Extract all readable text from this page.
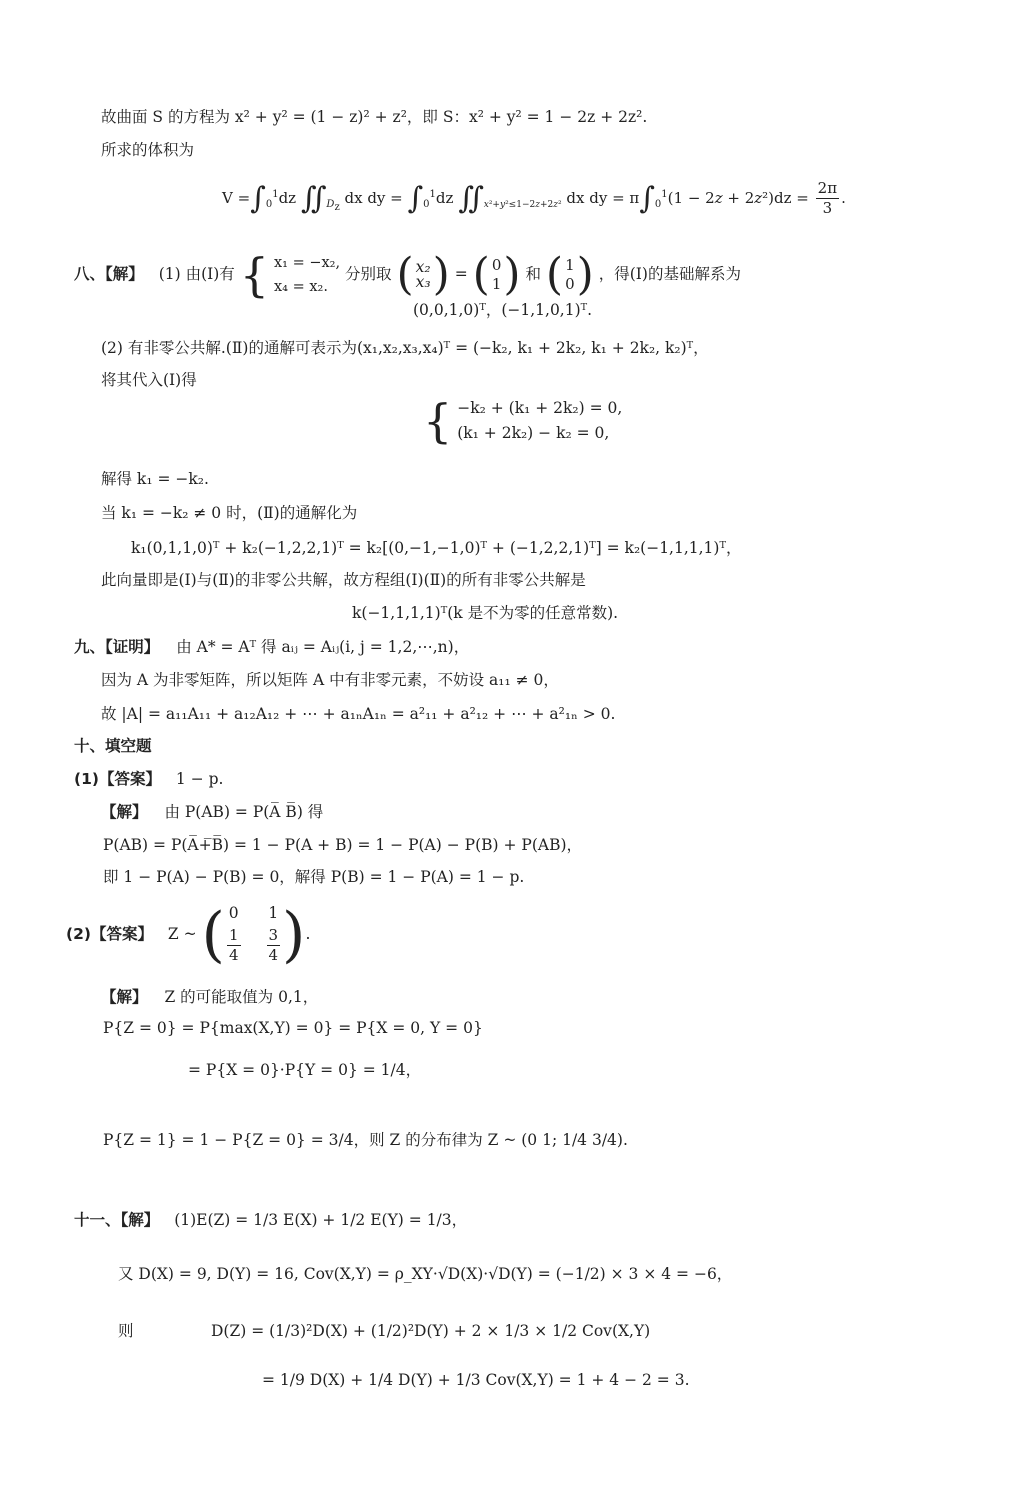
故曲面 S 的方程为 x² + y² = (1 − z)² + z²，即 S：x² + y² = 1 − 2z + 2z².
所求的体积为
$V =\int_0^1dz$ $∬_{D_z}$ dx dy = $\int_0^1dz$ $∬_{x^2+y^2\le 1-2z+2z^2}$ dx dy = $\pi\int_0^1(1 - 2z + 2z^2)dz = \frac{2\pi}{3}$ .
八、【解】 (1) 由(Ⅰ)有 { x₁ = −x₂,
x₄ = x₂.
分别取 ( x₂
x₃ ) = ( 0
1 ) 和 ( 1
0 ) ，得(Ⅰ)的基础解系为
(0,0,1,0)ᵀ，(−1,1,0,1)ᵀ.
(2) 有非零公共解.(Ⅱ)的通解可表示为(x₁,x₂,x₃,x₄)ᵀ = (−k₂, k₁ + 2k₂, k₁ + 2k₂, k₂)ᵀ，
将其代入(Ⅰ)得
{ −k₂ + (k₁ + 2k₂) = 0,
(k₁ + 2k₂) − k₂ = 0,
解得 k₁ = −k₂.
当 k₁ = −k₂ ≠ 0 时，(Ⅱ)的通解化为
k₁(0,1,1,0)ᵀ + k₂(−1,2,2,1)ᵀ = k₂[(0,−1,−1,0)ᵀ + (−1,2,2,1)ᵀ] = k₂(−1,1,1,1)ᵀ，
此向量即是(Ⅰ)与(Ⅱ)的非零公共解，故方程组(Ⅰ)(Ⅱ)的所有非零公共解是
k(−1,1,1,1)ᵀ(k 是不为零的任意常数).
九、【证明】 由 A* = Aᵀ 得 aᵢⱼ = Aᵢⱼ(i, j = 1,2,⋯,n)，
因为 A 为非零矩阵，所以矩阵 A 中有非零元素，不妨设 a₁₁ ≠ 0，
故 |A| = a₁₁A₁₁ + a₁₂A₁₂ + ⋯ + a₁ₙA₁ₙ = a²₁₁ + a²₁₂ + ⋯ + a²₁ₙ > 0.
十、填空题
(1)【答案】 1 − p.
【解】 由 P(AB) = P(A̅ B̅) 得
P(AB) = P(A̅+̅B̅) = 1 − P(A + B) = 1 − P(A) − P(B) + P(AB)，
即 1 − P(A) − P(B) = 0，解得 P(B) = 1 − P(A) = 1 − p.
(2)【答案】 Z ~ ( 0 1
$\frac{1}{4} \frac{3}{4}$ ) .
【解】 Z 的可能取值为 0,1，
P{Z = 0} = P{max(X,Y) = 0} = P{X = 0, Y = 0}
= P{X = 0}·P{Y = 0} = 1/4，
P{Z = 1} = 1 − P{Z = 0} = 3/4，则 Z 的分布律为 Z ~ (0 1; 1/4 3/4).
十一、【解】 (1)E(Z) = 1/3 E(X) + 1/2 E(Y) = 1/3，
又 D(X) = 9, D(Y) = 16, Cov(X,Y) = ρ_XY·√D(X)·√D(Y) = (−1/2) × 3 × 4 = −6，
则	D(Z) = (1/3)²D(X) + (1/2)²D(Y) + 2 × 1/3 × 1/2 Cov(X,Y)
= 1/9 D(X) + 1/4 D(Y) + 1/3 Cov(X,Y) = 1 + 4 − 2 = 3.
